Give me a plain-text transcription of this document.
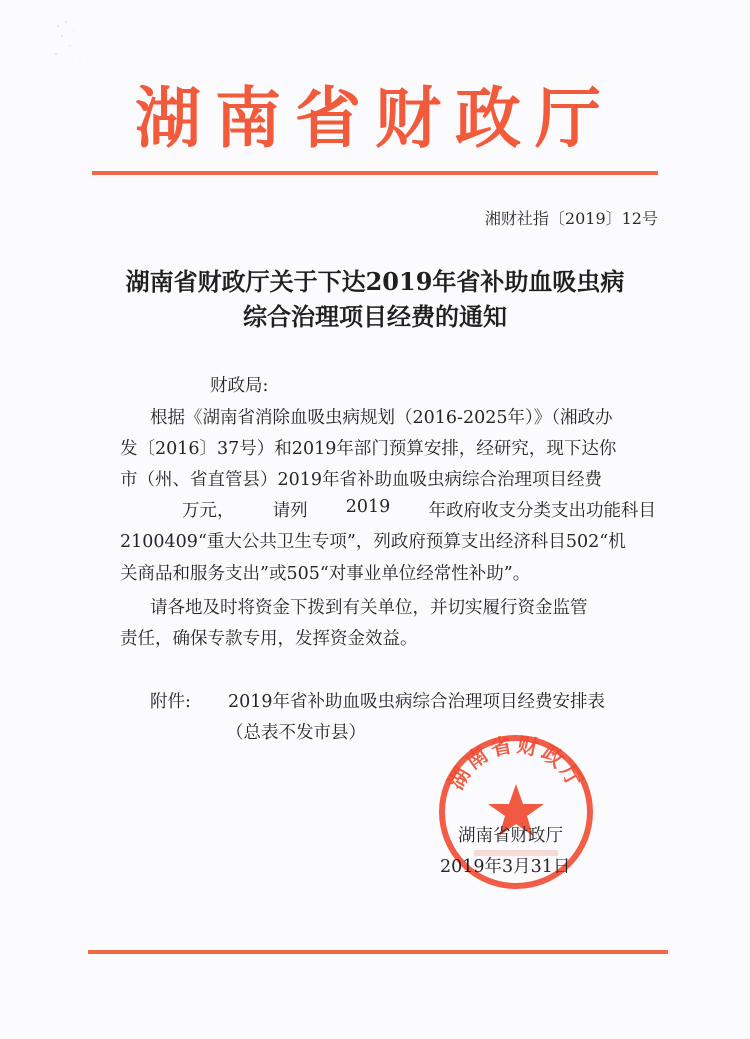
湖南省财政厅
湘财社指〔2019〕12号
湖南省财政厅关于下达2019年省补助血吸虫病
综合治理项目经费的通知
财政局:
根据《湖南省消除血吸虫病规划（2016-2025年）》（湘政办
发〔2016〕37号）和2019年部门预算安排，经研究，现下达你
市（州、省直管县）2019年省补助血吸虫病综合治理项目经费
万元， 请列 2019 年政府收支分类支出功能科目
2100409“重大公共卫生专项”，列政府预算支出经济科目502“机
关商品和服务支出”或505“对事业单位经常性补助”。
请各地及时将资金下拨到有关单位，并切实履行资金监管
责任，确保专款专用，发挥资金效益。
附件: 2019年省补助血吸虫病综合治理项目经费安排表
（总表不发市县）
湖南省财政厅
湖南省财政厅
2019年3月31日
